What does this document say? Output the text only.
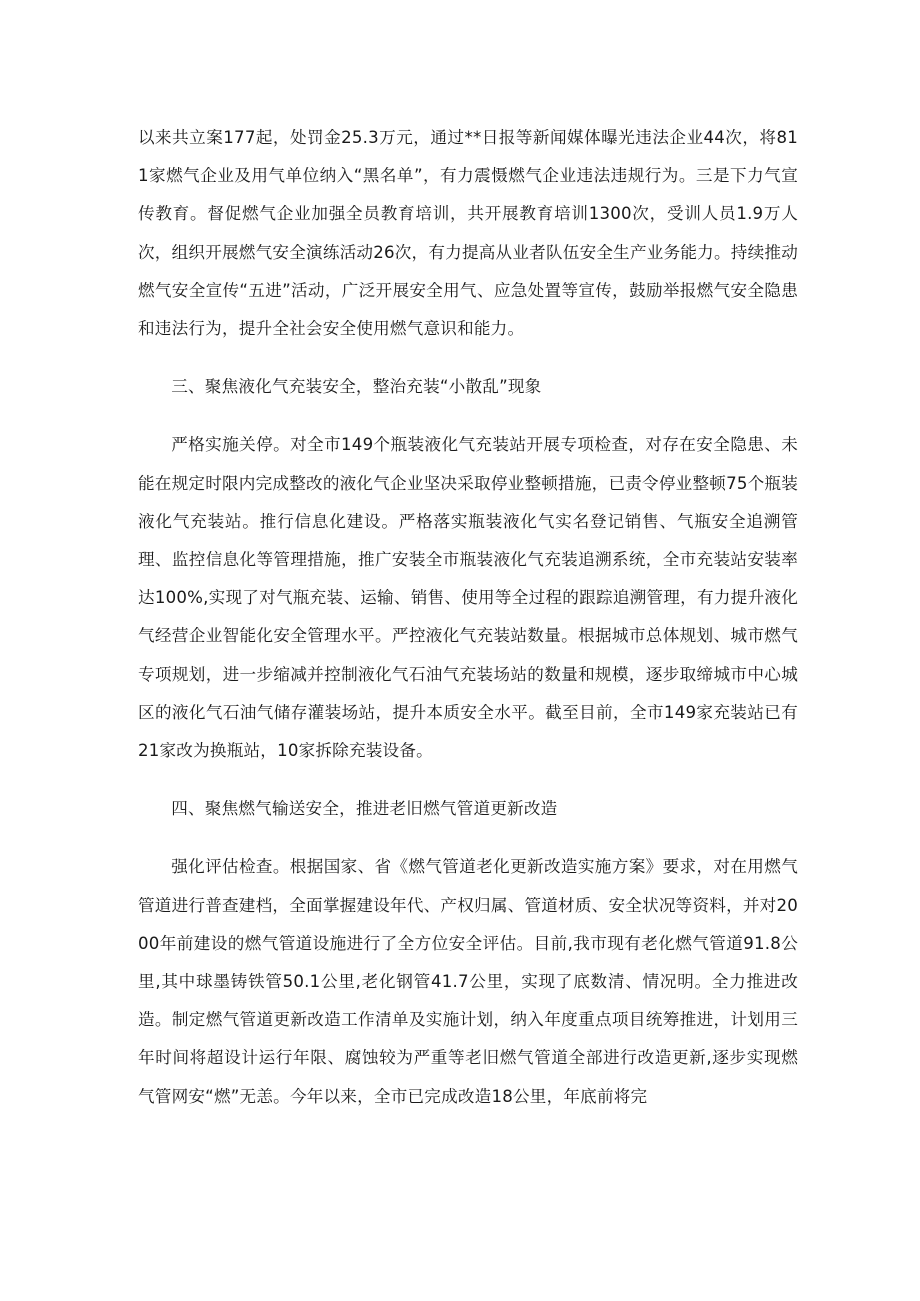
以来共立案177起，处罚金25.3万元，通过**日报等新闻媒体曝光违法企业44次，将811家燃气企业及用气单位纳入“黑名单”，有力震慑燃气企业违法违规行为。三是下力气宣传教育。督促燃气企业加强全员教育培训，共开展教育培训1300次，受训人员1.9万人次，组织开展燃气安全演练活动26次，有力提高从业者队伍安全生产业务能力。持续推动燃气安全宣传“五进”活动，广泛开展安全用气、应急处置等宣传，鼓励举报燃气安全隐患和违法行为，提升全社会安全使用燃气意识和能力。

三、聚焦液化气充装安全，整治充装“小散乱”现象

严格实施关停。对全市149个瓶装液化气充装站开展专项检查，对存在安全隐患、未能在规定时限内完成整改的液化气企业坚决采取停业整顿措施，已责令停业整顿75个瓶装液化气充装站。推行信息化建设。严格落实瓶装液化气实名登记销售、气瓶安全追溯管理、监控信息化等管理措施，推广安装全市瓶装液化气充装追溯系统，全市充装站安装率达100%,实现了对气瓶充装、运输、销售、使用等全过程的跟踪追溯管理，有力提升液化气经营企业智能化安全管理水平。严控液化气充装站数量。根据城市总体规划、城市燃气专项规划，进一步缩减并控制液化气石油气充装场站的数量和规模，逐步取缔城市中心城区的液化气石油气储存灌装场站，提升本质安全水平。截至目前，全市149家充装站已有21家改为换瓶站，10家拆除充装设备。

四、聚焦燃气输送安全，推进老旧燃气管道更新改造

强化评估检查。根据国家、省《燃气管道老化更新改造实施方案》要求，对在用燃气管道进行普查建档，全面掌握建设年代、产权归属、管道材质、安全状况等资料，并对2000年前建设的燃气管道设施进行了全方位安全评估。目前,我市现有老化燃气管道91.8公里,其中球墨铸铁管50.1公里,老化钢管41.7公里，实现了底数清、情况明。全力推进改造。制定燃气管道更新改造工作清单及实施计划，纳入年度重点项目统筹推进，计划用三年时间将超设计运行年限、腐蚀较为严重等老旧燃气管道全部进行改造更新,逐步实现燃气管网安“燃”无恙。今年以来，全市已完成改造18公里，年底前将完
